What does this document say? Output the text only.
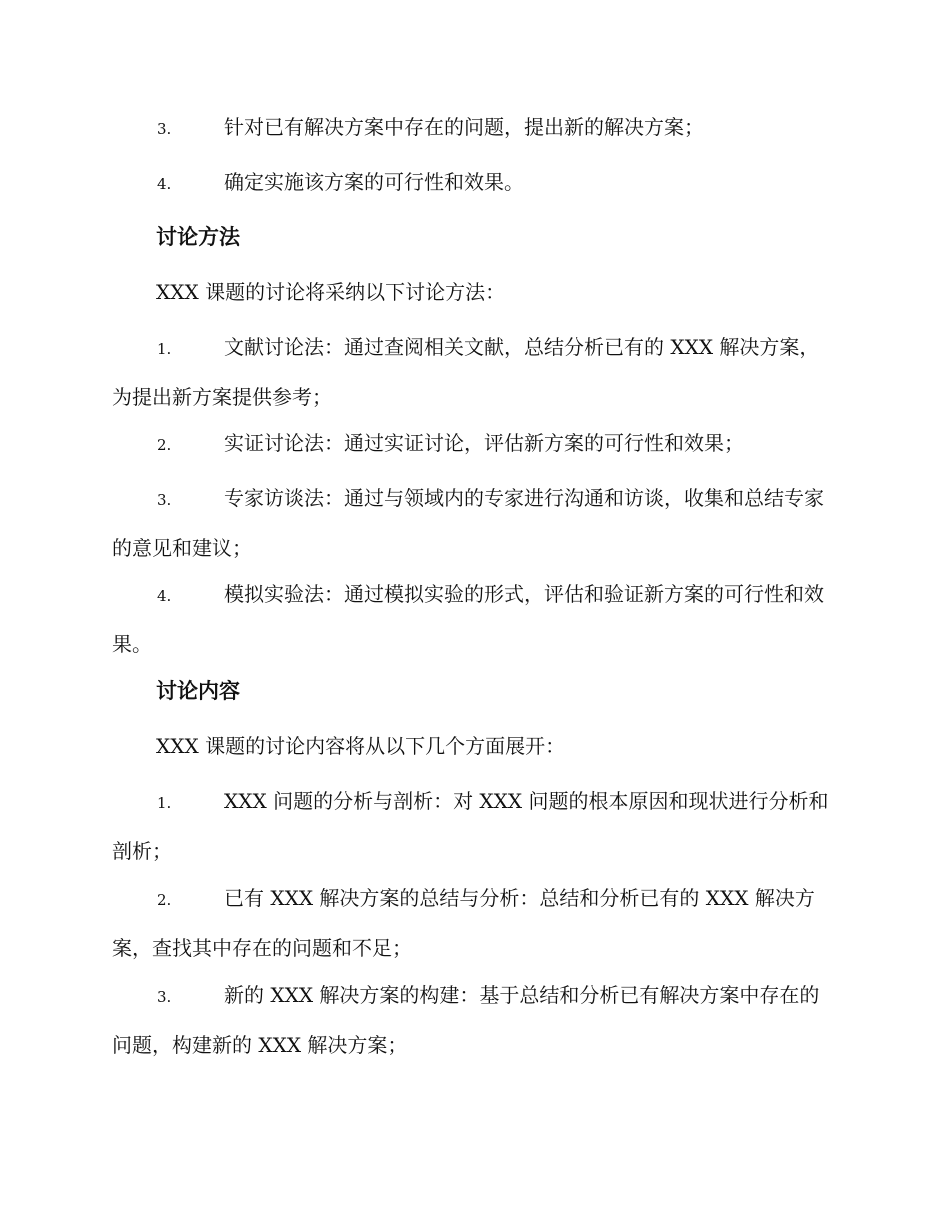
3.	针对已有解决方案中存在的问题，提出新的解决方案；

4.	确定实施该方案的可行性和效果。

讨论方法

XXX 课题的讨论将采纳以下讨论方法：

1.	文献讨论法：通过查阅相关文献，总结分析已有的 XXX 解决方案，为提出新方案提供参考；

2.	实证讨论法：通过实证讨论，评估新方案的可行性和效果；

3.	专家访谈法：通过与领域内的专家进行沟通和访谈，收集和总结专家的意见和建议；

4.	模拟实验法：通过模拟实验的形式，评估和验证新方案的可行性和效果。

讨论内容

XXX 课题的讨论内容将从以下几个方面展开：

1.	XXX 问题的分析与剖析：对 XXX 问题的根本原因和现状进行分析和剖析；

2.	已有 XXX 解决方案的总结与分析：总结和分析已有的 XXX 解决方案，查找其中存在的问题和不足；

3.	新的 XXX 解决方案的构建：基于总结和分析已有解决方案中存在的问题，构建新的 XXX 解决方案；
